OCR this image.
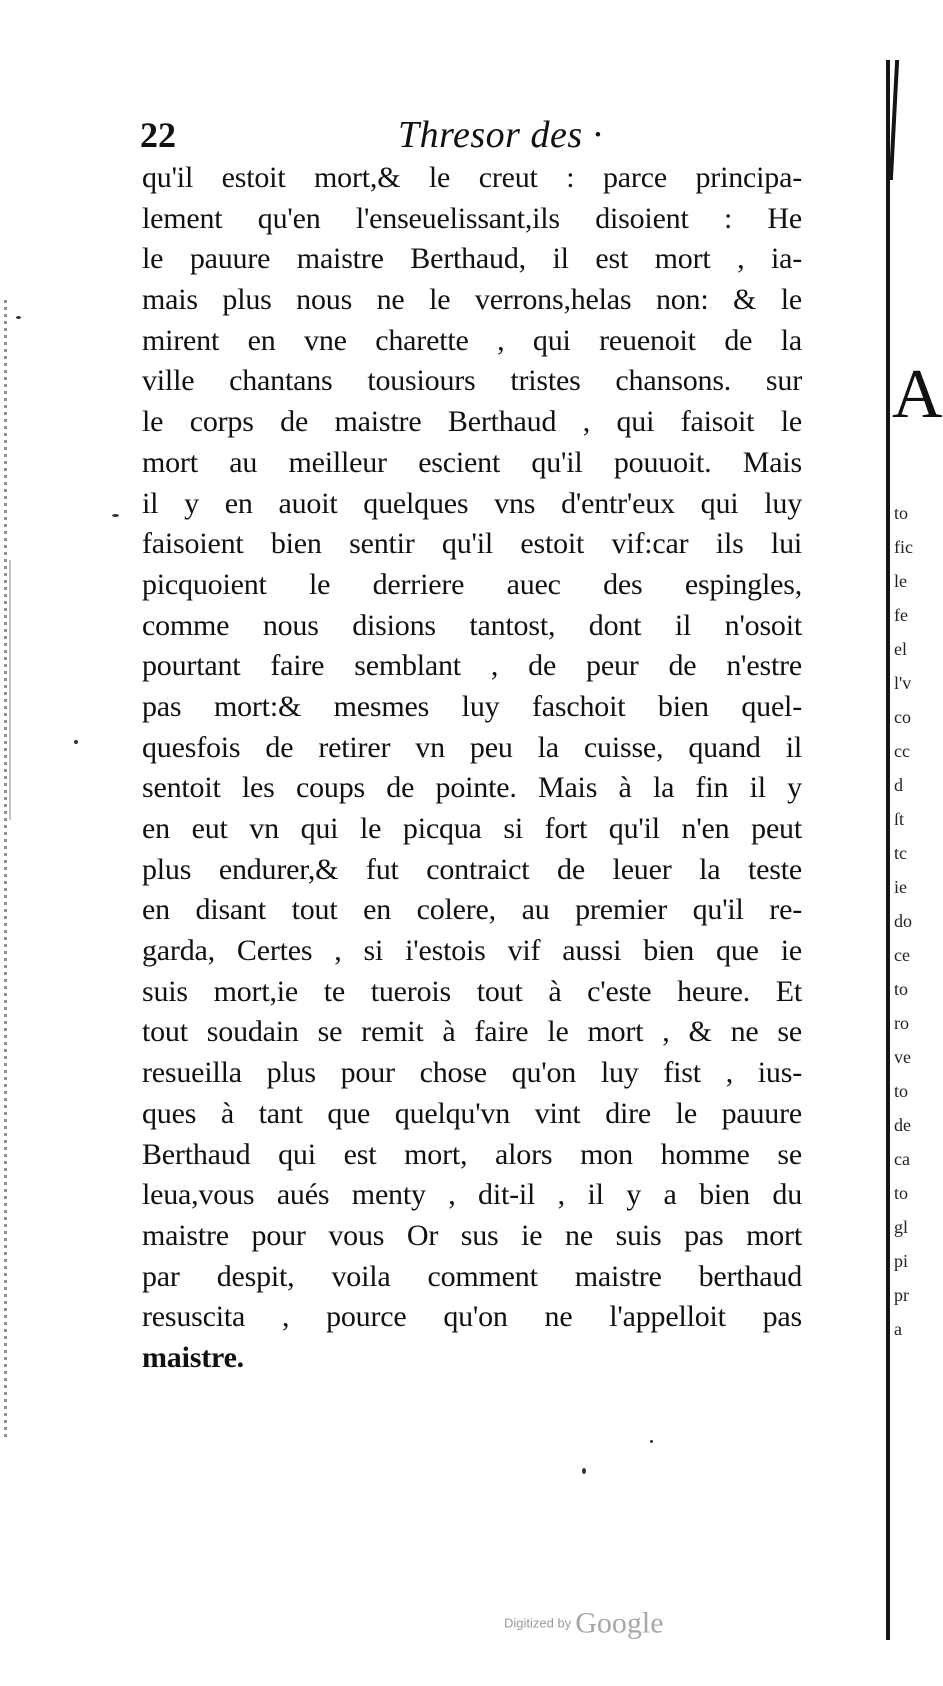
22	Thresor des ·
qu'il estoit mort,& le creut : parce principa-
lement qu'en l'enseuelissant,ils disoient : He
le pauure maistre Berthaud, il est mort , ia-
mais plus nous ne le verrons,helas non: & le
mirent en vne charette , qui reuenoit de la
ville chantans tousiours tristes chansons. sur
le corps de maistre Berthaud , qui faisoit le
mort au meilleur escient qu'il pouuoit. Mais
il y en auoit quelques vns d'entr'eux qui luy
faisoient bien sentir qu'il estoit vif:car ils lui
picquoient le derriere auec des espingles,
comme nous disions tantost, dont il n'osoit
pourtant faire semblant , de peur de n'estre
pas mort:& mesmes luy faschoit bien quel-
quesfois de retirer vn peu la cuisse, quand il
sentoit les coups de pointe. Mais à la fin il y
en eut vn qui le picqua si fort qu'il n'en peut
plus endurer,& fut contraict de leuer la teste
en disant tout en colere, au premier qu'il re-
garda, Certes , si i'estois vif aussi bien que ie
suis mort,ie te tuerois tout à c'este heure. Et
tout soudain se remit à faire le mort , & ne se
resueilla plus pour chose qu'on luy fist , ius-
ques à tant que quelqu'vn vint dire le pauure
Berthaud qui est mort, alors mon homme se
leua,vous aués menty , dit-il , il y a bien du
maistre pour vous Or sus ie ne suis pas mort
par despit, voila comment maistre berthaud
resuscita , pource qu'on ne l'appelloit pas
maistre.
A
to
fic
le
fe
el
l'v
co
cc
d
ſt
tc
ie
do
ce
to
ro
ve
to
de
ca
to
gl
pi
pr
a
Digitized by Google
